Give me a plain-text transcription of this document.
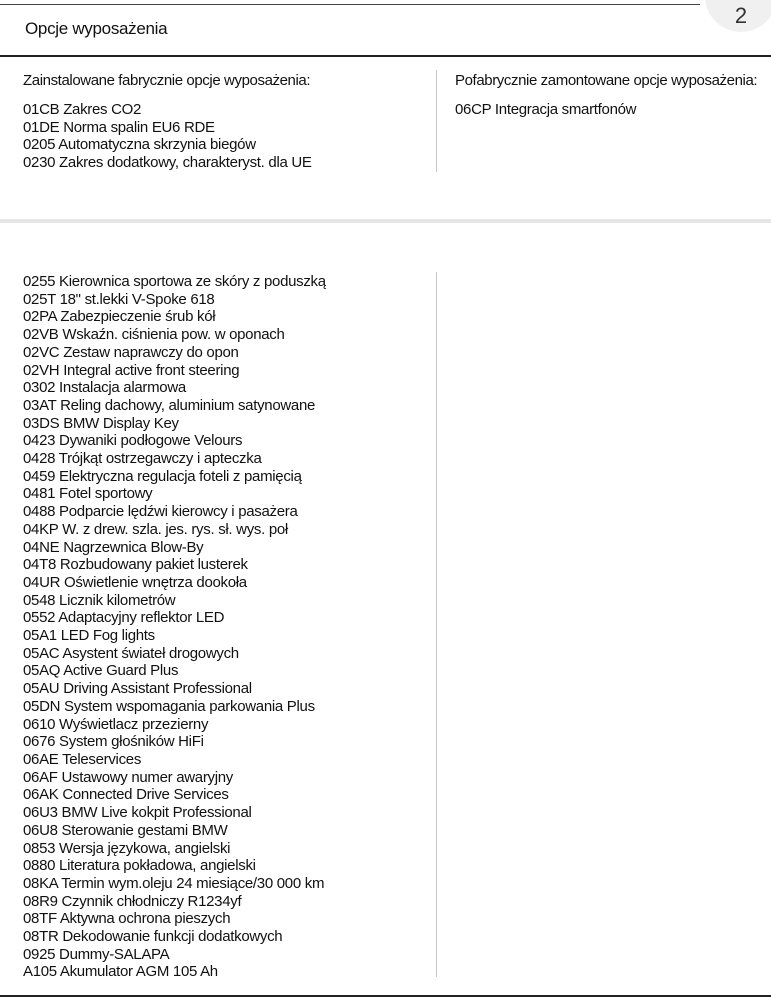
2
Opcje wyposażenia
Zainstalowane fabrycznie opcje wyposażenia:
01CB Zakres CO2
01DE Norma spalin EU6 RDE
0205 Automatyczna skrzynia biegów
0230 Zakres dodatkowy, charakteryst. dla UE
Pofabrycznie zamontowane opcje wyposażenia:
06CP Integracja smartfonów
0255 Kierownica sportowa ze skóry z poduszką
025T 18" st.lekki V-Spoke 618
02PA Zabezpieczenie śrub kół
02VB Wskaźn. ciśnienia pow. w oponach
02VC Zestaw naprawczy do opon
02VH Integral active front steering
0302 Instalacja alarmowa
03AT Reling dachowy, aluminium satynowane
03DS BMW Display Key
0423 Dywaniki podłogowe Velours
0428 Trójkąt ostrzegawczy i apteczka
0459 Elektryczna regulacja foteli z pamięcią
0481 Fotel sportowy
0488 Podparcie lędźwi kierowcy i pasażera
04KP W. z drew. szla. jes. rys. sł. wys. poł
04NE Nagrzewnica Blow-By
04T8 Rozbudowany pakiet lusterek
04UR Oświetlenie wnętrza dookoła
0548 Licznik kilometrów
0552 Adaptacyjny reflektor LED
05A1 LED Fog lights
05AC Asystent świateł drogowych
05AQ Active Guard Plus
05AU Driving Assistant Professional
05DN System wspomagania parkowania Plus
0610 Wyświetlacz przezierny
0676 System głośników HiFi
06AE Teleservices
06AF Ustawowy numer awaryjny
06AK Connected Drive Services
06U3 BMW Live kokpit Professional
06U8 Sterowanie gestami BMW
0853 Wersja językowa, angielski
0880 Literatura pokładowa, angielski
08KA Termin wym.oleju 24 miesiące/30 000 km
08R9 Czynnik chłodniczy R1234yf
08TF Aktywna ochrona pieszych
08TR Dekodowanie funkcji dodatkowych
0925 Dummy-SALAPA
A105 Akumulator AGM 105 Ah
